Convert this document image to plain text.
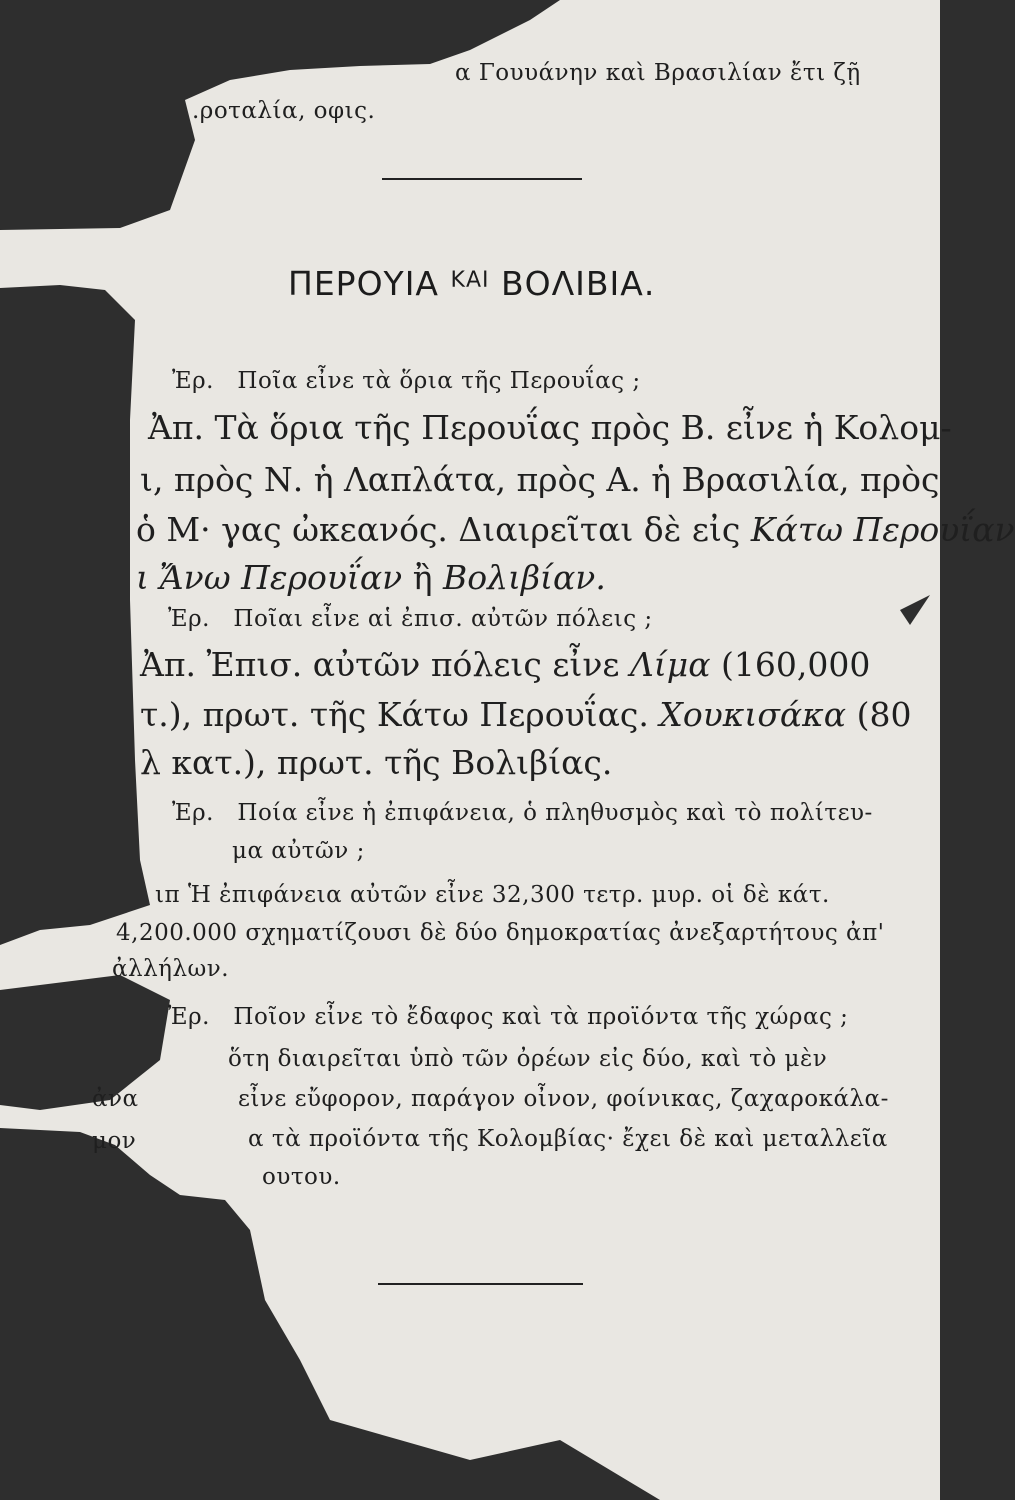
α Γουυάνην καὶ Βρασιλίαν ἔτι ζῇ
.ροταλία, οφις.
ΠΕΡΟΥΙΑ $^{KAI}$ ΒΟΛΙΒΙΑ.
Ἐρ. Ποῖα εἶνε τὰ ὅρια τῆς Περουΐας ;
Ἀπ. Τὰ ὅρια τῆς Περουΐας πρὸς Β. εἶνε ἡ Κολομ-
ι, πρὸς Ν. ἡ Λαπλάτα, πρὸς Α. ἡ Βρασιλία, πρὸς
ὁ Μ· γας ὠκεανός. Διαιρεῖται δὲ εἰς Κάτω Περουΐαν
ι Ἄνω Περουΐαν ἢ Βολιβίαν.
Ἐρ. Ποῖαι εἶνε αἱ ἐπισ. αὐτῶν πόλεις ;
Ἀπ. Ἐπισ. αὐτῶν πόλεις εἶνε Λίμα (160,000
τ.), πρωτ. τῆς Κάτω Περουΐας. Χουκισάκα (80
λ κατ.), πρωτ. τῆς Βολιβίας.
Ἐρ. Ποία εἶνε ἡ ἐπιφάνεια, ὁ πληθυσμὸς καὶ τὸ πολίτευ-
μα αὐτῶν ;
ιπ Ἡ ἐπιφάνεια αὐτῶν εἶνε 32,300 τετρ. μυρ. οἱ δὲ κάτ.
4,200.000 σχηματίζουσι δὲ δύο δημοκρατίας ἀνεξαρτήτους ἀπ'
ἀλλήλων.
Ἐρ. Ποῖον εἶνε τὸ ἔδαφος καὶ τὰ προϊόντα τῆς χώρας ;
ὅτη διαιρεῖται ὑπὸ τῶν ὀρέων εἰς δύο, καὶ τὸ μὲν
ἀνα	εἶνε εὔφορον, παράγον οἶνον, φοίνικας, ζαχαροκάλα-
μον	α τὰ προϊόντα τῆς Κολομβίας· ἔχει δὲ καὶ μεταλλεῖα
ουτου.
